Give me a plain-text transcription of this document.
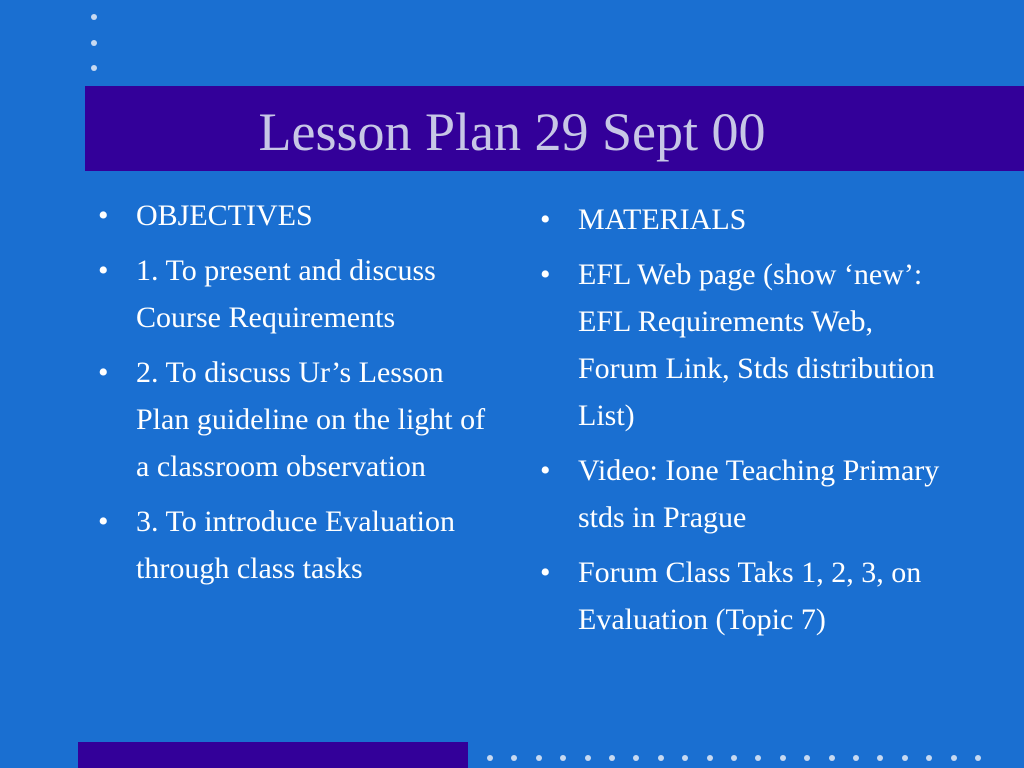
Lesson Plan 29 Sept 00
• OBJECTIVES
• 1. To present and discuss Course Requirements
• 2. To discuss Ur’s Lesson Plan guideline on the light of a classroom observation
• 3. To introduce Evaluation through class tasks
• MATERIALS
• EFL Web page (show ‘new’: EFL Requirements Web, Forum Link, Stds distribution List)
• Video: Ione Teaching Primary stds in Prague
• Forum Class Taks 1, 2, 3, on Evaluation (Topic 7)
